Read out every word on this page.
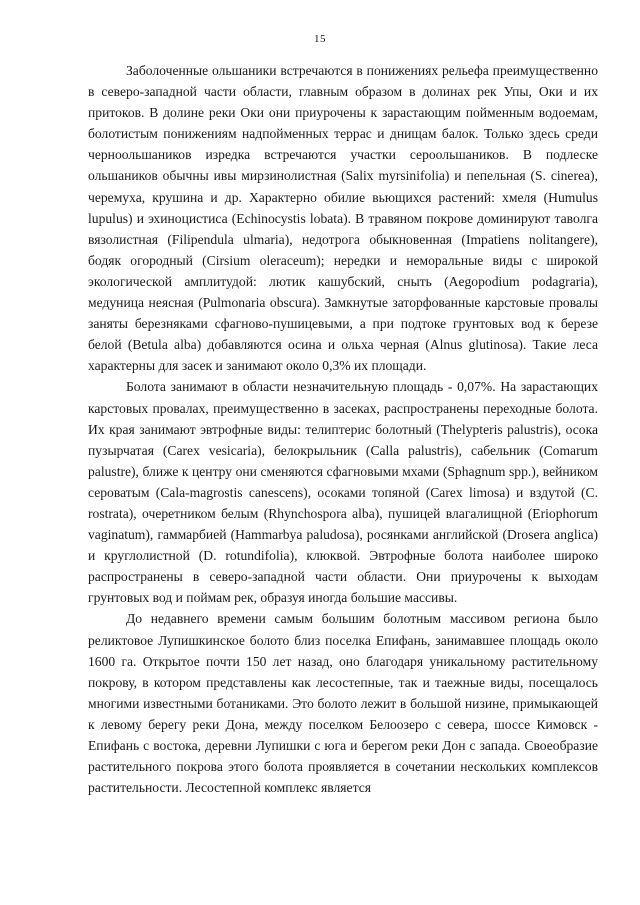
15

Заболоченные ольшаники встречаются в понижениях рельефа преимущественно в северо-западной части области, главным образом в долинах рек Упы, Оки и их притоков. В долине реки Оки они приурочены к зарастающим пойменным водоемам, болотистым понижениям надпойменных террас и днищам балок. Только здесь среди черноольшаников изредка встречаются участки сероольшаников. В подлеске ольшаников обычны ивы мирзинолистная (Salix myrsinifolia) и пепельная (S. cinerea), черемуха, крушина и др. Характерно обилие вьющихся растений: хмеля (Humulus lupulus) и эхиноцистиса (Echinocystis lobata). В травяном покрове доминируют таволга вязолистная (Filipendula ulmaria), недотрога обыкновенная (Impatiens nolitangere), бодяк огородный (Cirsium oleraceum); нередки и неморальные виды с широкой экологической амплитудой: лютик кашубский, сныть (Aegopodium podagraria), медуница неясная (Pulmonaria obscura). Замкнутые заторфованные карстовые провалы заняты березняками сфагново-пушицевыми, а при подтоке грунтовых вод к березе белой (Betula alba) добавляются осина и ольха черная (Alnus glutinosa). Такие леса характерны для засек и занимают около 0,3% их площади.

Болота занимают в области незначительную площадь - 0,07%. На зарастающих карстовых провалах, преимущественно в засеках, распространены переходные болота. Их края занимают эвтрофные виды: телиптерис болотный (Thelypteris palustris), осока пузырчатая (Carex vesicaria), белокрыльник (Calla palustris), сабельник (Comarum palustre), ближе к центру они сменяются сфагновыми мхами (Sphagnum spp.), вейником сероватым (Cala-magrostis canescens), осоками топяной (Carex limosa) и вздутой (C. rostrata), очеретником белым (Rhynchospora alba), пушицей влагалищной (Eriophorum vaginatum), гаммарбией (Hammarbya paludosa), росянками английской (Drosera anglica) и круглолистной (D. rotundifolia), клюквой. Эвтрофные болота наиболее широко распространены в северо-западной части области. Они приурочены к выходам грунтовых вод и поймам рек, образуя иногда большие массивы.

До недавнего времени самым большим болотным массивом региона было реликтовое Лупишкинское болото близ поселка Епифань, занимавшее площадь около 1600 га. Открытое почти 150 лет назад, оно благодаря уникальному растительному покрову, в котором представлены как лесостепные, так и таежные виды, посещалось многими известными ботаниками. Это болото лежит в большой низине, примыкающей к левому берегу реки Дона, между поселком Белоозеро с севера, шоссе Кимовск - Епифань с востока, деревни Лупишки с юга и берегом реки Дон с запада. Своеобразие растительного покрова этого болота проявляется в сочетании нескольких комплексов растительности. Лесостепной комплекс является
